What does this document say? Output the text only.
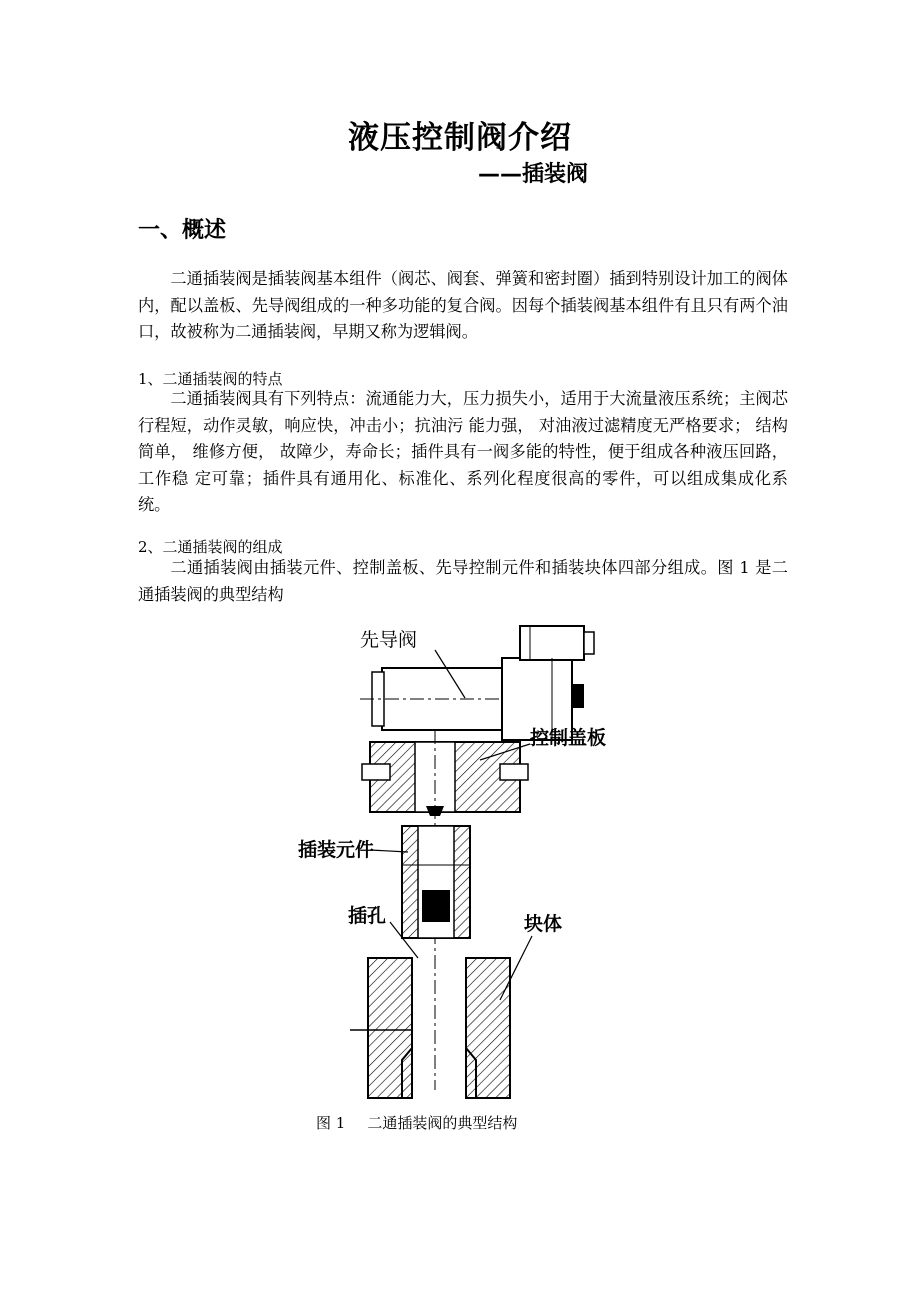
液压控制阀介绍
——插装阀
一、概述

二通插装阀是插装阀基本组件（阀芯、阀套、弹簧和密封圈）插到特别设计加工的阀体内，配以盖板、先导阀组成的一种多功能的复合阀。因每个插装阀基本组件有且只有两个油口，故被称为二通插装阀，早期又称为逻辑阀。

1、二通插装阀的特点

二通插装阀具有下列特点：流通能力大，压力损失小，适用于大流量液压系统；主阀芯行程短，动作灵敏，响应快，冲击小；抗油污 能力强， 对油液过滤精度无严格要求； 结构简单， 维修方便， 故障少，寿命长；插件具有一阀多能的特性，便于组成各种液压回路，工作稳 定可靠；插件具有通用化、标准化、系列化程度很高的零件，可以组成集成化系统。

2、二通插装阀的组成

二通插装阀由插装元件、控制盖板、先导控制元件和插装块体四部分组成。图 1 是二通插装阀的典型结构

先导阀
控制盖板
插装元件
插孔	块体
图 1 二通插装阀的典型结构
